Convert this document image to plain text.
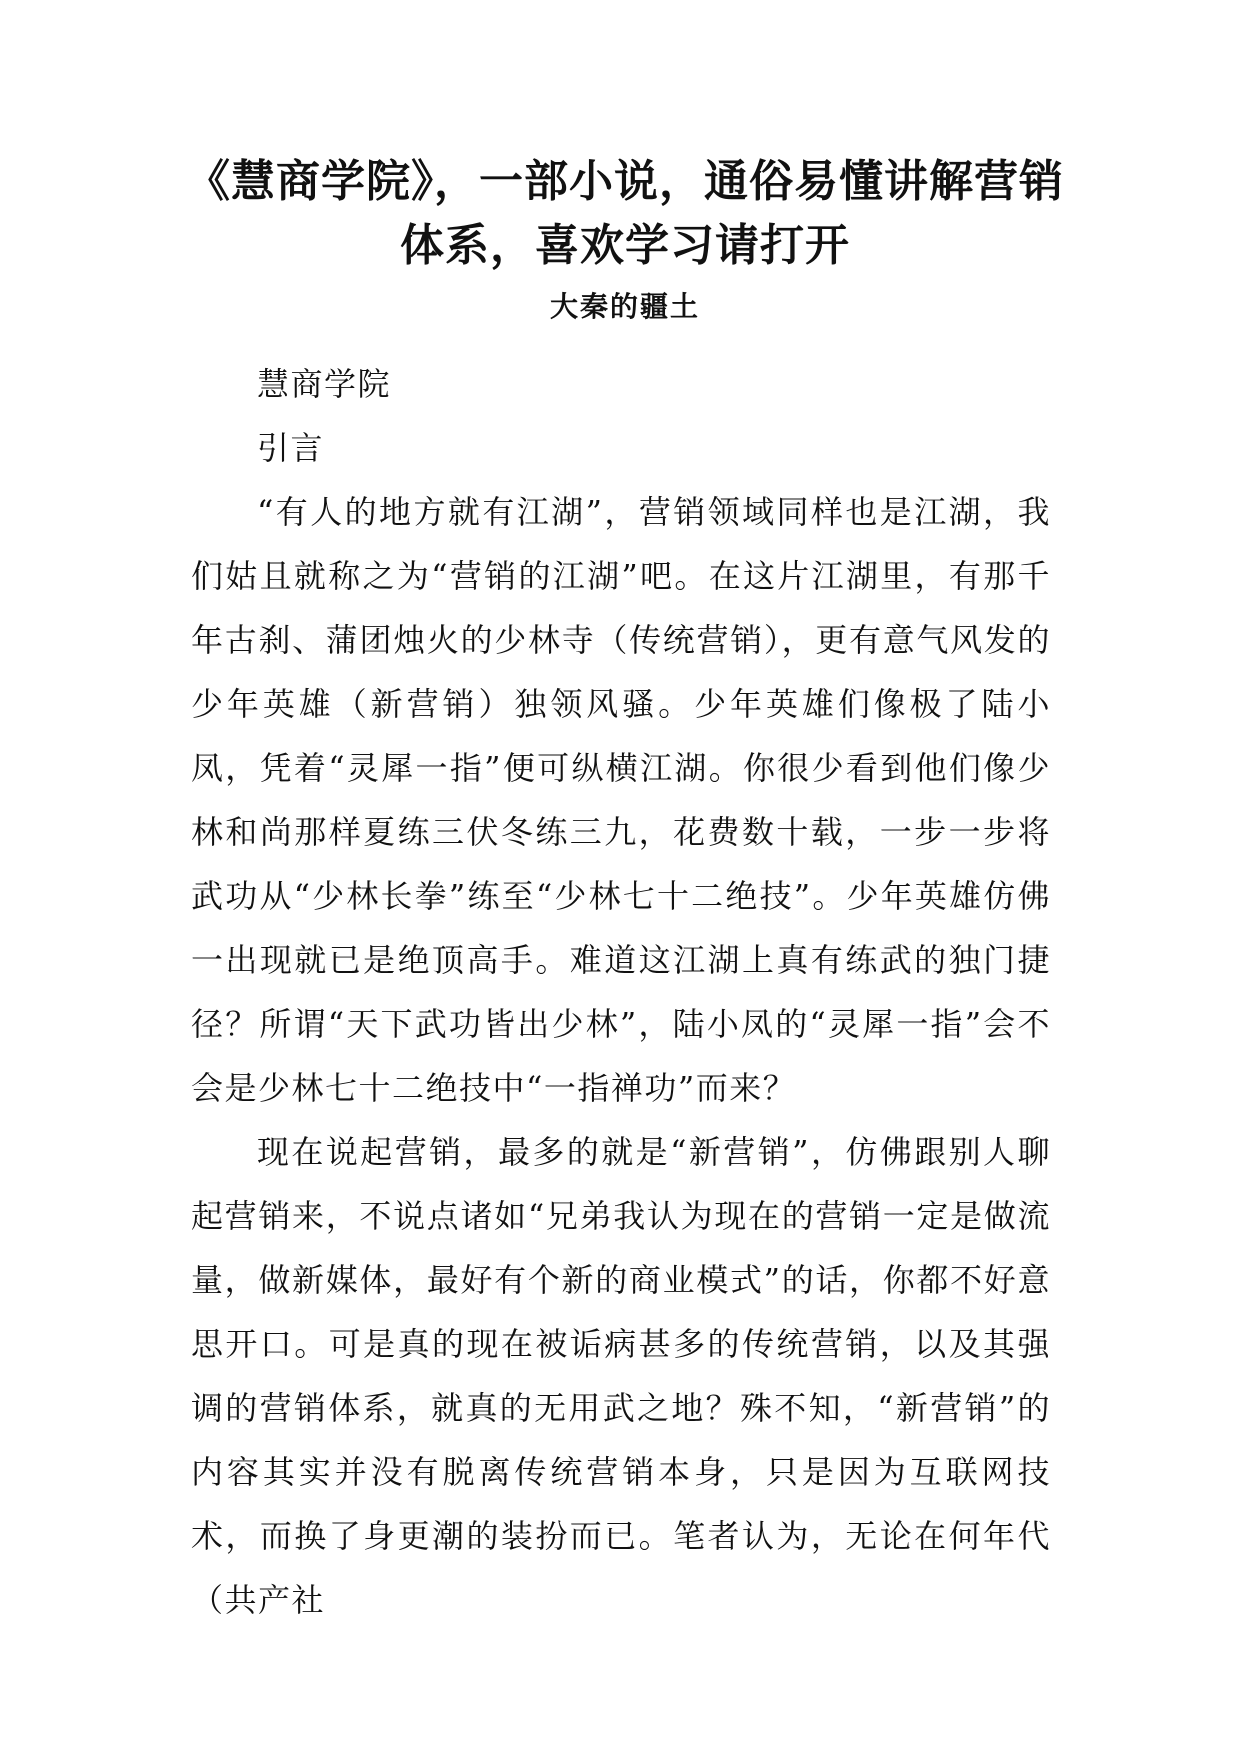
《慧商学院》，一部小说，通俗易懂讲解营销体系，喜欢学习请打开
大秦的疆土

慧商学院

引言

“有人的地方就有江湖”，营销领域同样也是江湖，我们姑且就称之为“营销的江湖”吧。在这片江湖里，有那千年古刹、蒲团烛火的少林寺（传统营销），更有意气风发的少年英雄（新营销）独领风骚。少年英雄们像极了陆小凤，凭着“灵犀一指”便可纵横江湖。你很少看到他们像少林和尚那样夏练三伏冬练三九，花费数十载，一步一步将武功从“少林长拳”练至“少林七十二绝技”。少年英雄仿佛一出现就已是绝顶高手。难道这江湖上真有练武的独门捷径？所谓“天下武功皆出少林”，陆小凤的“灵犀一指”会不会是少林七十二绝技中“一指禅功”而来？

现在说起营销，最多的就是“新营销”，仿佛跟别人聊起营销来，不说点诸如“兄弟我认为现在的营销一定是做流量，做新媒体，最好有个新的商业模式”的话，你都不好意思开口。可是真的现在被诟病甚多的传统营销，以及其强调的营销体系，就真的无用武之地？殊不知，“新营销”的内容其实并没有脱离传统营销本身，只是因为互联网技术，而换了身更潮的装扮而已。笔者认为，无论在何年代（共产社
